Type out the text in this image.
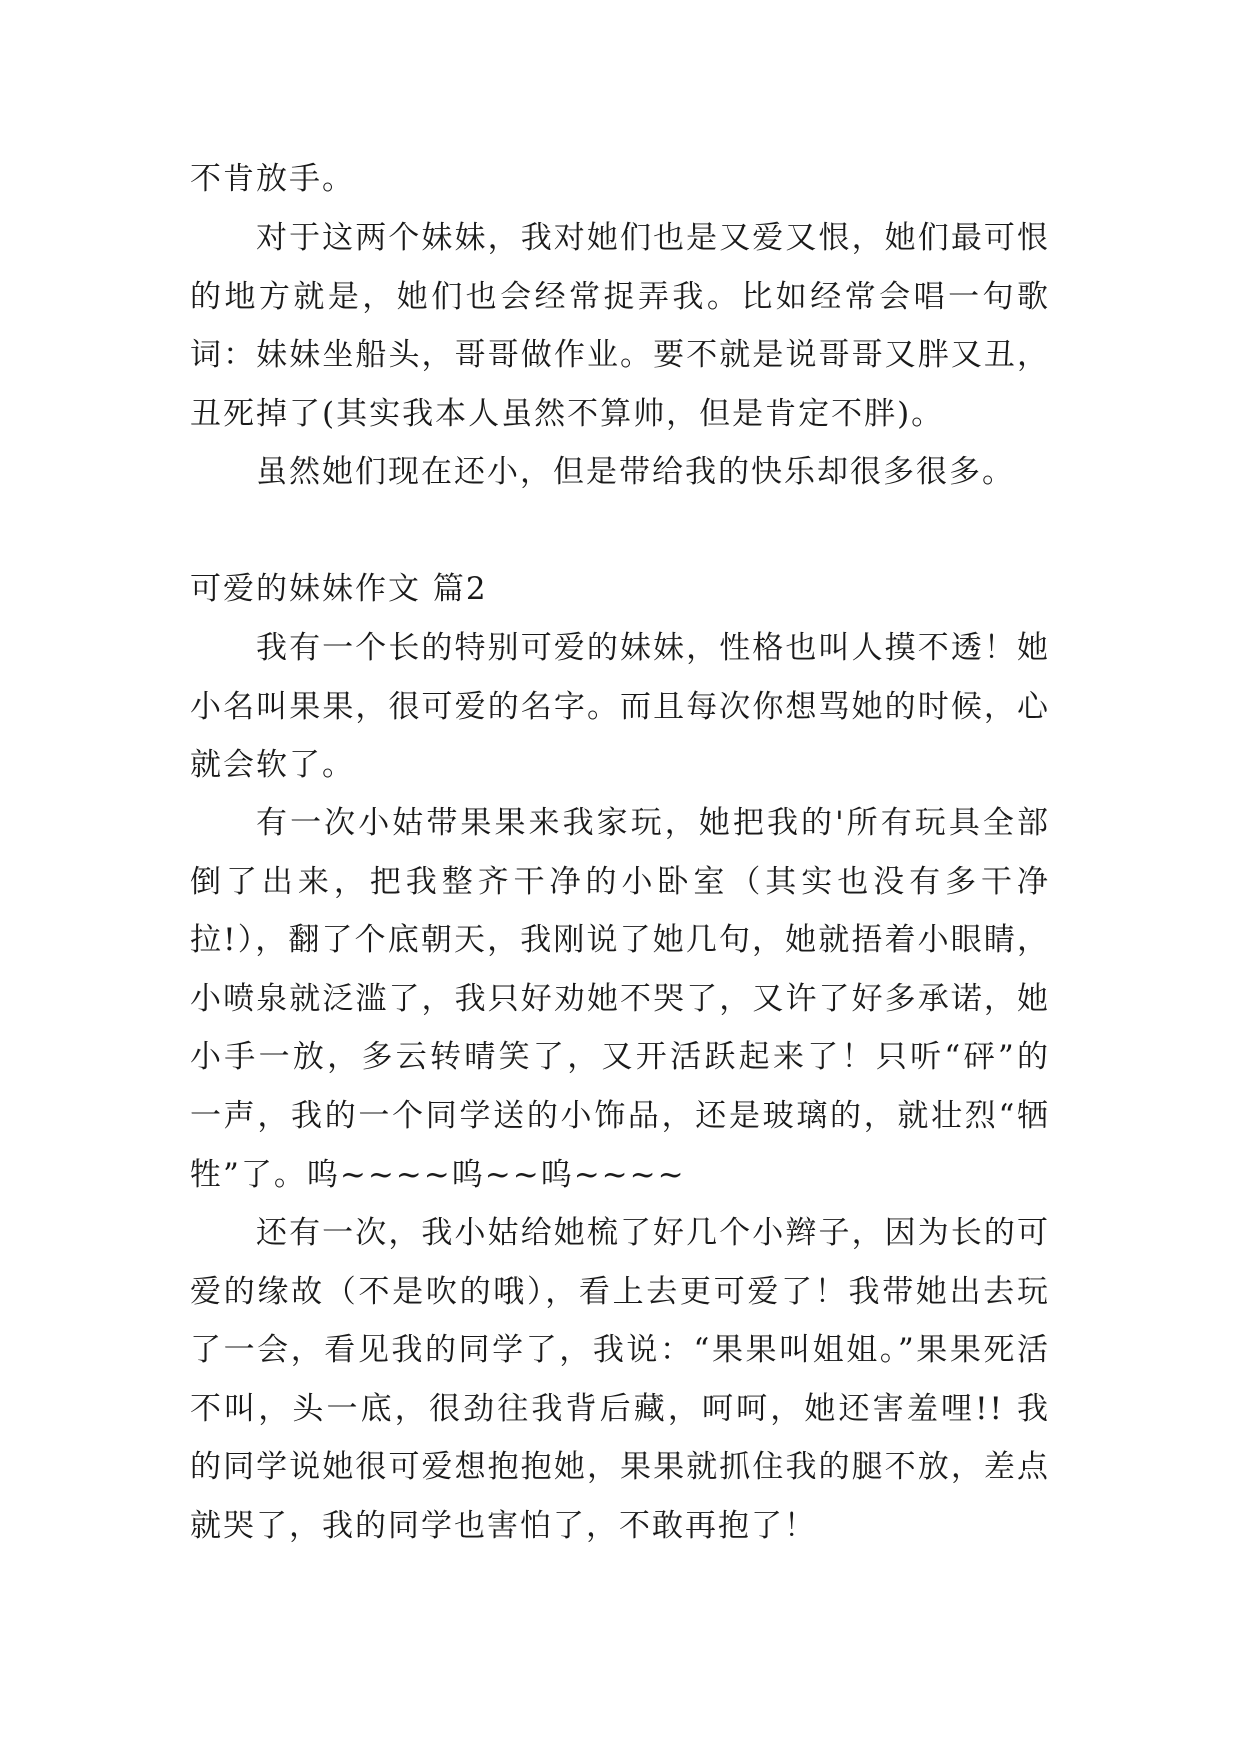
不肯放手。

对于这两个妹妹，我对她们也是又爱又恨，她们最可恨的地方就是，她们也会经常捉弄我。比如经常会唱一句歌词：妹妹坐船头，哥哥做作业。要不就是说哥哥又胖又丑，丑死掉了(其实我本人虽然不算帅，但是肯定不胖)。

虽然她们现在还小，但是带给我的快乐却很多很多。

可爱的妹妹作文 篇2

我有一个长的特别可爱的妹妹，性格也叫人摸不透！她小名叫果果，很可爱的名字。而且每次你想骂她的时候，心就会软了。

有一次小姑带果果来我家玩，她把我的'所有玩具全部倒了出来，把我整齐干净的小卧室（其实也没有多干净拉!），翻了个底朝天，我刚说了她几句，她就捂着小眼睛，小喷泉就泛滥了，我只好劝她不哭了，又许了好多承诺，她小手一放，多云转晴笑了，又开活跃起来了！只听“砰”的一声，我的一个同学送的小饰品，还是玻璃的，就壮烈“牺牲”了。呜~~~~呜~~呜~~~~

还有一次，我小姑给她梳了好几个小辫子，因为长的可爱的缘故（不是吹的哦），看上去更可爱了！我带她出去玩了一会，看见我的同学了，我说：“果果叫姐姐。”果果死活不叫，头一底，很劲往我背后藏，呵呵，她还害羞哩!! 我的同学说她很可爱想抱抱她，果果就抓住我的腿不放，差点就哭了，我的同学也害怕了，不敢再抱了！
